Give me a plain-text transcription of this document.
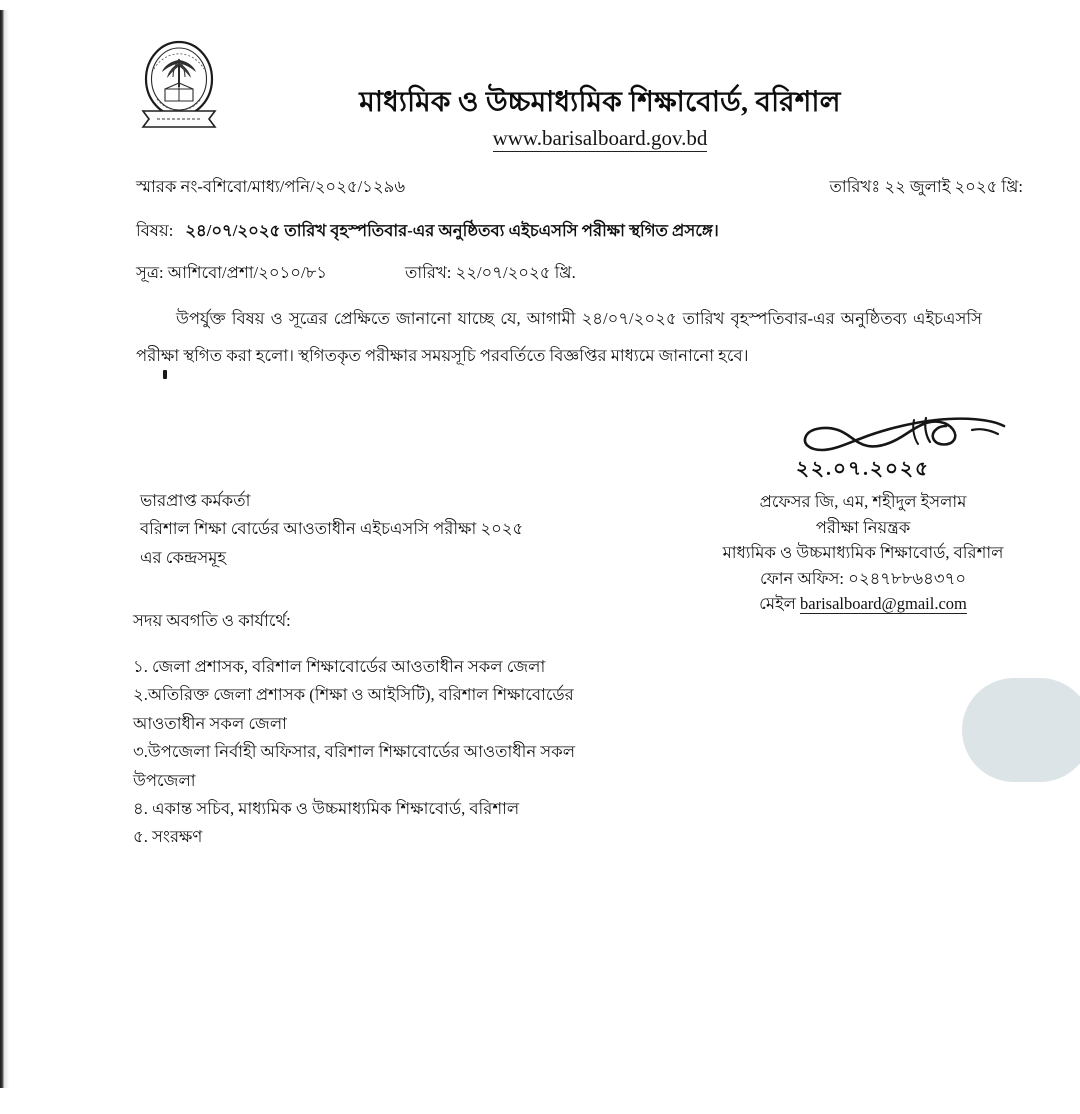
মাধ্যমিক ও উচ্চমাধ্যমিক শিক্ষাবোর্ড, বরিশাল
www.barisalboard.gov.bd
স্মারক নং-বশিবো/মাধ্য/পনি/২০২৫/১২৯৬	তারিখঃ ২২ জুলাই ২০২৫ খ্রি:
বিষয়: ২৪/০৭/২০২৫ তারিখ বৃহস্পতিবার-এর অনুষ্ঠিতব্য এইচএসসি পরীক্ষা স্থগিত প্রসঙ্গে।
সূত্র: আশিবো/প্রশা/২০১০/৮১	তারিখ: ২২/০৭/২০২৫ খ্রি.
উপর্যুক্ত বিষয় ও সূত্রের প্রেক্ষিতে জানানো যাচ্ছে যে, আগামী ২৪/০৭/২০২৫ তারিখ বৃহস্পতিবার-এর অনুষ্ঠিতব্য এইচএসসি পরীক্ষা স্থগিত করা হলো। স্থগিতকৃত পরীক্ষার সময়সূচি পরবর্তিতে বিজ্ঞপ্তির মাধ্যমে জানানো হবে।
২২.০৭.২০২৫
প্রফেসর জি, এম, শহীদুল ইসলাম
পরীক্ষা নিয়ন্ত্রক
মাধ্যমিক ও উচ্চমাধ্যমিক শিক্ষাবোর্ড, বরিশাল
ফোন অফিস: ০২৪৭৮৮৬৪৩৭০
মেইল barisalboard@gmail.com
ভারপ্রাপ্ত কর্মকর্তা
বরিশাল শিক্ষা বোর্ডের আওতাধীন এইচএসসি পরীক্ষা ২০২৫
এর কেন্দ্রসমূহ
সদয় অবগতি ও কার্যার্থে:
১. জেলা প্রশাসক, বরিশাল শিক্ষাবোর্ডের আওতাধীন সকল জেলা
২.অতিরিক্ত জেলা প্রশাসক (শিক্ষা ও আইসিটি), বরিশাল শিক্ষাবোর্ডের
আওতাধীন সকল জেলা
৩.উপজেলা নির্বাহী অফিসার, বরিশাল শিক্ষাবোর্ডের আওতাধীন সকল
উপজেলা
৪. একান্ত সচিব, মাধ্যমিক ও উচ্চমাধ্যমিক শিক্ষাবোর্ড, বরিশাল
৫. সংরক্ষণ
